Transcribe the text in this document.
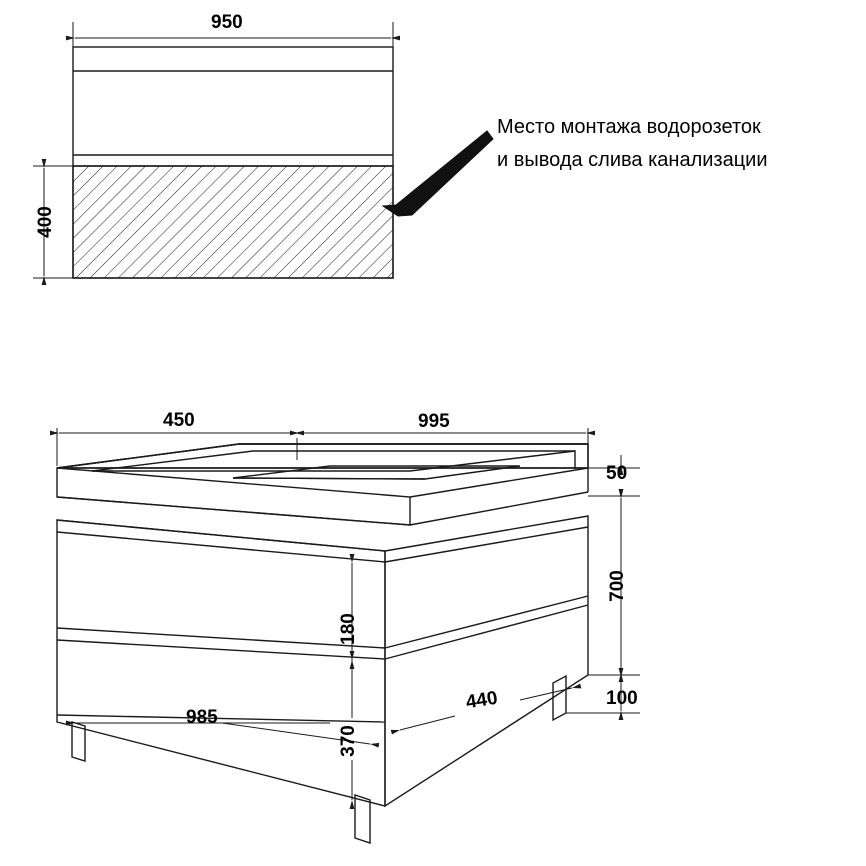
950
400
Место монтажа водорозеток
и вывода слива канализации
450	995
50
700
100
180
370
985
440
